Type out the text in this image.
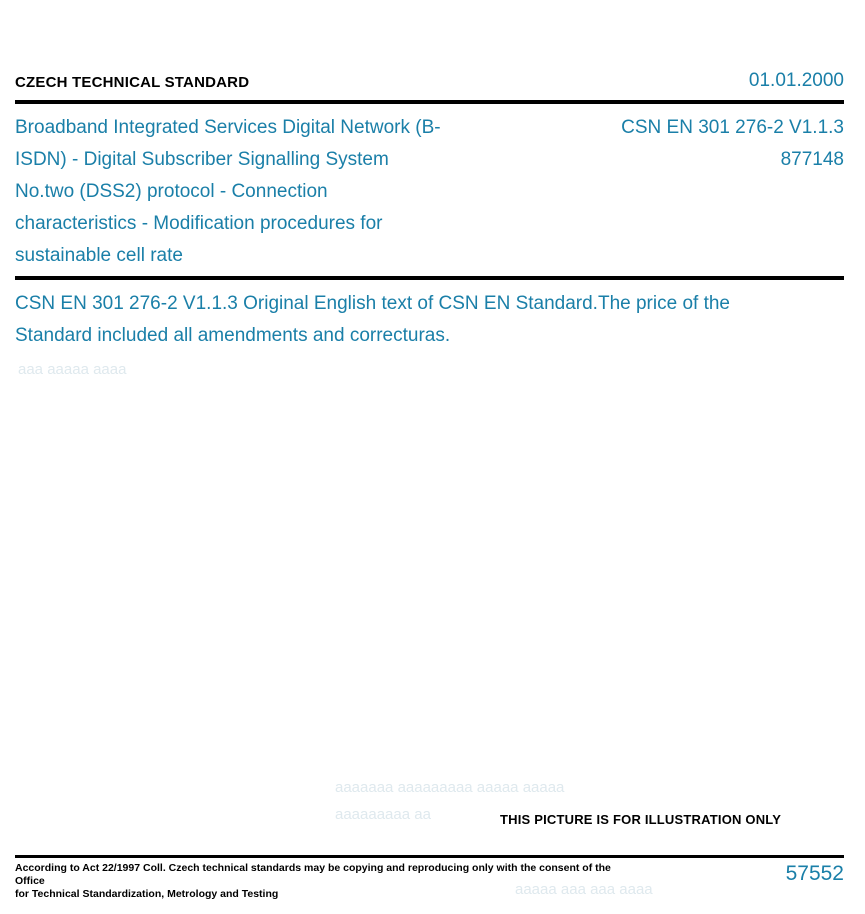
CZECH TECHNICAL STANDARD	01.01.2000
Broadband Integrated Services Digital Network (B-ISDN) - Digital Subscriber Signalling System No.two (DSS2) protocol - Connection characteristics - Modification procedures for sustainable cell rate
CSN EN 301 276-2 V1.1.3
877148
CSN EN 301 276-2 V1.1.3 Original English text of CSN EN Standard.The price of the Standard included all amendments and correcturas.
aaa aaaaa aaaa
aaaaaaa aaaaaaaaa aaaaa aaaaa
aaaaaaaaa aa
aaaaa aaa aaa aaaa
THIS PICTURE IS FOR ILLUSTRATION ONLY
According to Act 22/1997 Coll. Czech technical standards may be copying and reproducing only with the consent of the Office
for Technical Standardization, Metrology and Testing
57552
